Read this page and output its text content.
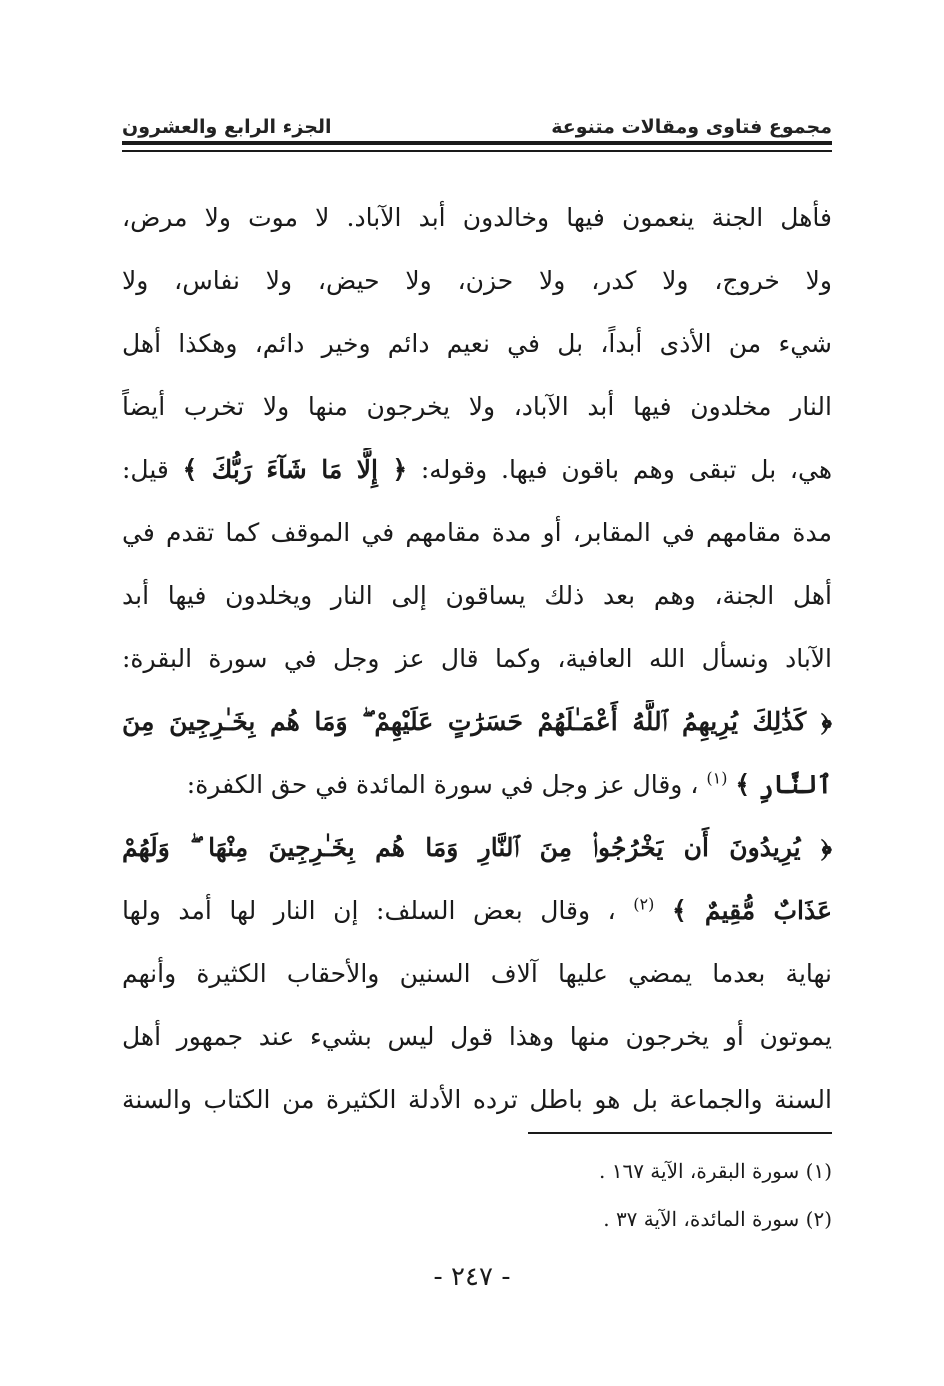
مجموع فتاوى ومقالات متنوعة
الجزء الرابع والعشرون
فأهل الجنة ينعمون فيها وخالدون أبد الآباد. لا موت ولا مرض،
ولا خروج، ولا كدر، ولا حزن، ولا حيض، ولا نفاس، ولا
شيء من الأذى أبداً، بل في نعيم دائم وخير دائم، وهكذا أهل
النار مخلدون فيها أبد الآباد، ولا يخرجون منها ولا تخرب أيضاً
هي، بل تبقى وهم باقون فيها. وقوله: ﴿ إِلَّا مَا شَآءَ رَبُّكَ ﴾ قيل:
مدة مقامهم في المقابر، أو مدة مقامهم في الموقف كما تقدم في
أهل الجنة، وهم بعد ذلك يساقون إلى النار ويخلدون فيها أبد
الآباد ونسأل الله العافية، وكما قال عز وجل في سورة البقرة:
﴿ كَذَٰلِكَ يُرِيهِمُ ٱللَّهُ أَعْمَـٰلَهُمْ حَسَرَٰتٍ عَلَيْهِمْ ۖ وَمَا هُم بِخَـٰرِجِينَ مِنَ
ٱلنَّارِ ﴾ $^{(١)}$ ، وقال عز وجل في سورة المائدة في حق الكفرة:
﴿ يُرِيدُونَ أَن يَخْرُجُوا۟ مِنَ ٱلنَّارِ وَمَا هُم بِخَـٰرِجِينَ مِنْهَا ۖ وَلَهُمْ
عَذَابٌ مُّقِيمٌ ﴾ $^{(٢)}$ ، وقال بعض السلف: إن النار لها أمد ولها
نهاية بعدما يمضي عليها آلاف السنين والأحقاب الكثيرة وأنهم
يموتون أو يخرجون منها وهذا قول ليس بشيء عند جمهور أهل
السنة والجماعة بل هو باطل ترده الأدلة الكثيرة من الكتاب والسنة
(١) سورة البقرة، الآية ١٦٧ .
(٢) سورة المائدة، الآية ٣٧ .
- ٢٤٧ -
